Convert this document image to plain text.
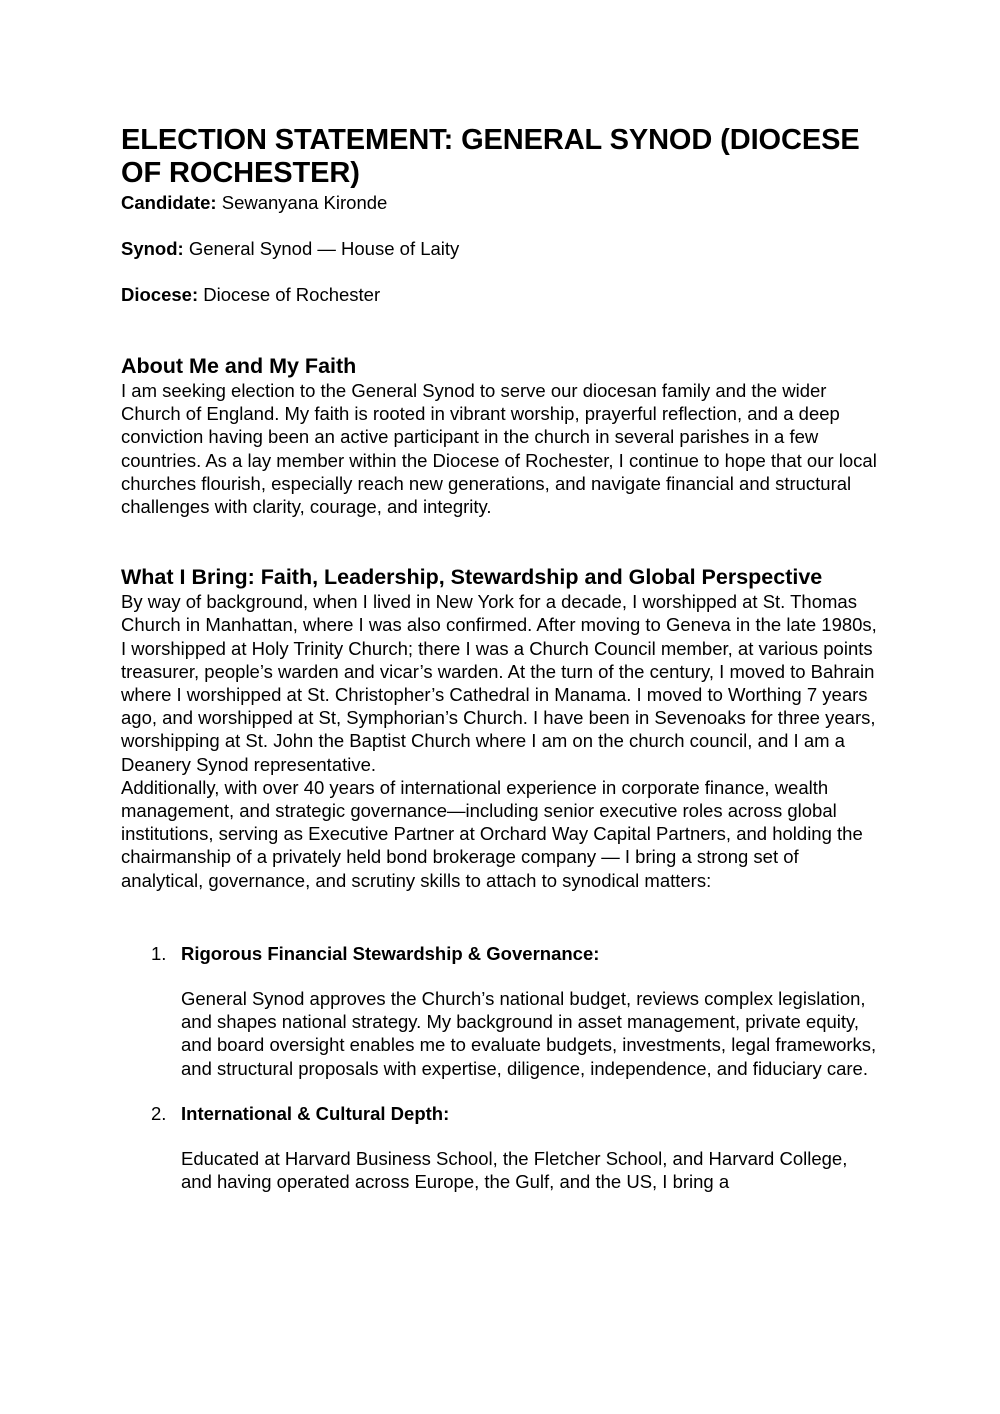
ELECTION STATEMENT: GENERAL SYNOD (DIOCESE OF ROCHESTER)

Candidate: Sewanyana Kironde

Synod: General Synod — House of Laity

Diocese: Diocese of Rochester

About Me and My Faith

I am seeking election to the General Synod to serve our diocesan family and the wider Church of England. My faith is rooted in vibrant worship, prayerful reflection, and a deep conviction having been an active participant in the church in several parishes in a few countries. As a lay member within the Diocese of Rochester, I continue to hope that our local churches flourish, especially reach new generations, and navigate financial and structural challenges with clarity, courage, and integrity.

What I Bring: Faith, Leadership, Stewardship and Global Perspective

By way of background, when I lived in New York for a decade, I worshipped at St. Thomas Church in Manhattan, where I was also confirmed. After moving to Geneva in the late 1980s, I worshipped at Holy Trinity Church; there I was a Church Council member, at various points treasurer, people’s warden and vicar’s warden. At the turn of the century, I moved to Bahrain where I worshipped at St. Christopher’s Cathedral in Manama. I moved to Worthing 7 years ago, and worshipped at St, Symphorian’s Church. I have been in Sevenoaks for three years, worshipping at St. John the Baptist Church where I am on the church council, and I am a Deanery Synod representative.

Additionally, with over 40 years of international experience in corporate finance, wealth management, and strategic governance—including senior executive roles across global institutions, serving as Executive Partner at Orchard Way Capital Partners, and holding the chairmanship of a privately held bond brokerage company — I bring a strong set of analytical, governance, and scrutiny skills to attach to synodical matters:

1. Rigorous Financial Stewardship & Governance:

General Synod approves the Church’s national budget, reviews complex legislation, and shapes national strategy. My background in asset management, private equity, and board oversight enables me to evaluate budgets, investments, legal frameworks, and structural proposals with expertise, diligence, independence, and fiduciary care.

2. International & Cultural Depth:

Educated at Harvard Business School, the Fletcher School, and Harvard College, and having operated across Europe, the Gulf, and the US, I bring a
